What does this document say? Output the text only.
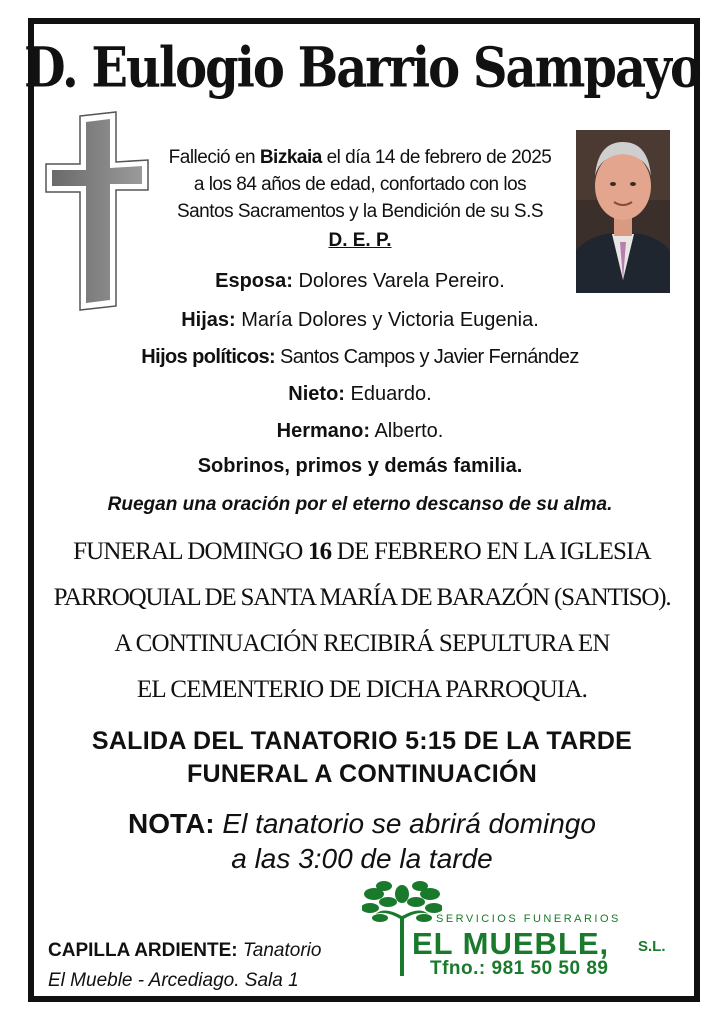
D. Eulogio Barrio Sampayo
Falleció en Bizkaia el día 14 de febrero de 2025
a los 84 años de edad, confortado con los
Santos Sacramentos y la Bendición de su S.S
D. E. P.
Esposa: Dolores Varela Pereiro.
Hijas: María Dolores y Victoria Eugenia.
Hijos políticos: Santos Campos y Javier Fernández
Nieto: Eduardo.
Hermano: Alberto.
Sobrinos, primos y demás familia.
Ruegan una oración por el eterno descanso de su alma.
FUNERAL DOMINGO 16 DE FEBRERO EN LA IGLESIA
PARROQUIAL DE SANTA MARÍA DE BARAZÓN (SANTISO).
A CONTINUACIÓN RECIBIRÁ SEPULTURA EN
EL CEMENTERIO DE DICHA PARROQUIA.
SALIDA DEL TANATORIO 5:15 DE LA TARDE
FUNERAL A CONTINUACIÓN
NOTA: El tanatorio se abrirá domingo
a las 3:00 de la tarde
CAPILLA ARDIENTE: Tanatorio
El Mueble - Arcediago. Sala 1
SERVICIOS FUNERARIOS
EL MUEBLE, S.L.
Tfno.: 981 50 50 89
